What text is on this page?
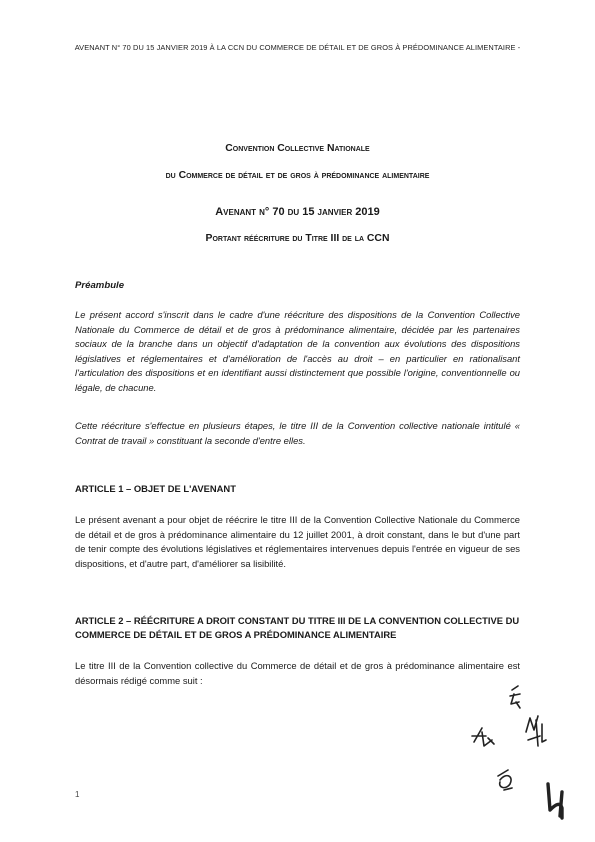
AVENANT N° 70 DU 15 JANVIER 2019 À LA CCN DU COMMERCE DE DÉTAIL ET DE GROS À PRÉDOMINANCE ALIMENTAIRE -
Convention Collective Nationale
du Commerce de détail et de gros à prédominance alimentaire
Avenant n° 70 du 15 janvier 2019
Portant réécriture du Titre III de la CCN
Préambule
Le présent accord s'inscrit dans le cadre d'une réécriture des dispositions de la Convention Collective Nationale du Commerce de détail et de gros à prédominance alimentaire, décidée par les partenaires sociaux de la branche dans un objectif d'adaptation de la convention aux évolutions des dispositions législatives et réglementaires et d'amélioration de l'accès au droit – en particulier en rationalisant l'articulation des dispositions et en identifiant aussi distinctement que possible l'origine, conventionnelle ou légale, de chacune.
Cette réécriture s'effectue en plusieurs étapes, le titre III de la Convention collective nationale intitulé « Contrat de travail » constituant la seconde d'entre elles.
ARTICLE 1 – OBJET DE L'AVENANT
Le présent avenant a pour objet de réécrire le titre III de la Convention Collective Nationale du Commerce de détail et de gros à prédominance alimentaire du 12 juillet 2001, à droit constant, dans le but d'une part de tenir compte des évolutions législatives et réglementaires intervenues depuis l'entrée en vigueur de ses dispositions, et d'autre part, d'améliorer sa lisibilité.
ARTICLE 2 – RÉÉCRITURE A DROIT CONSTANT DU TITRE III DE LA CONVENTION COLLECTIVE DU COMMERCE DE DÉTAIL ET DE GROS A PRÉDOMINANCE ALIMENTAIRE
Le titre III de la Convention collective du Commerce de détail et de gros à prédominance alimentaire est désormais rédigé comme suit :
1
